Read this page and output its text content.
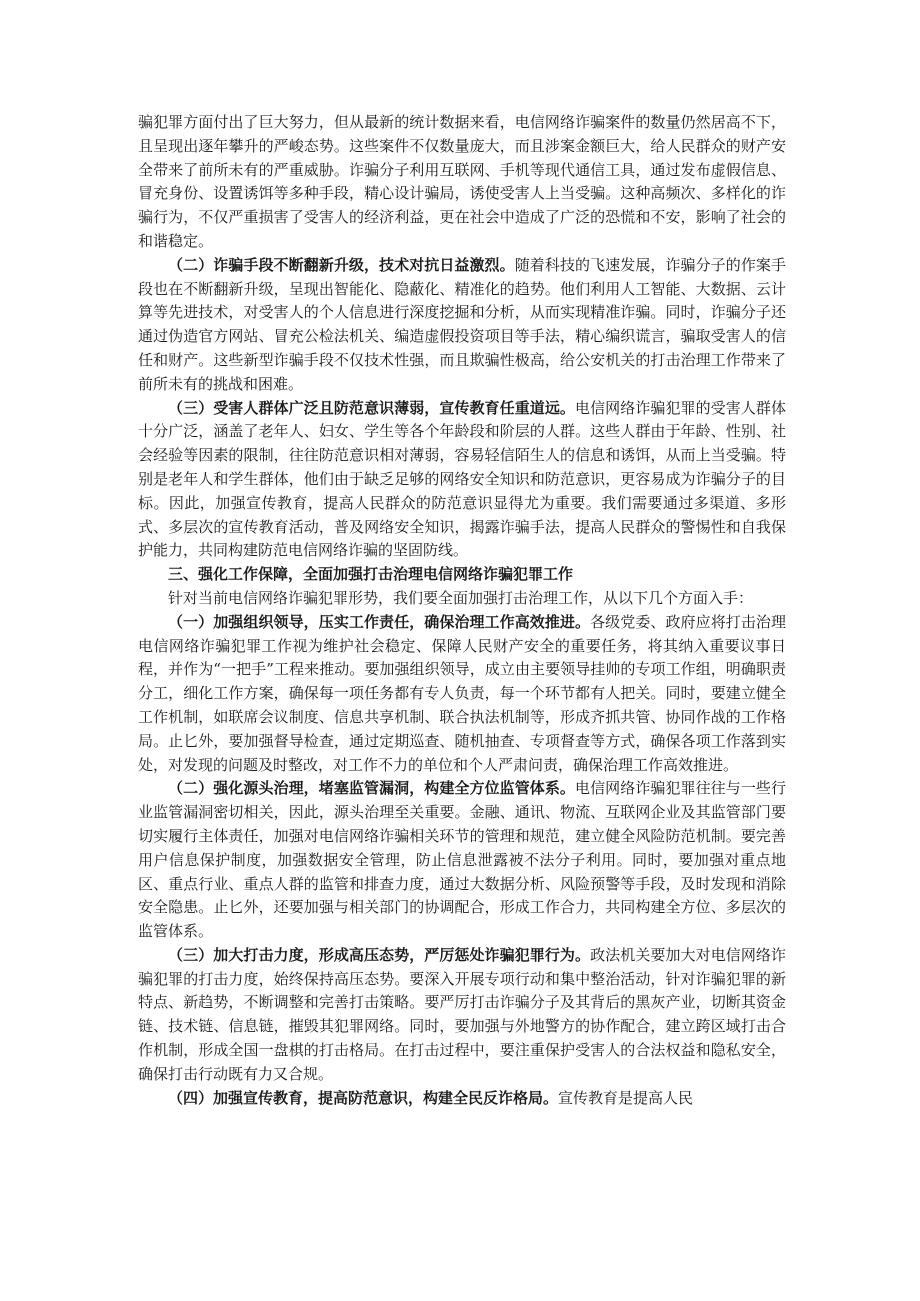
骗犯罪方面付出了巨大努力，但从最新的统计数据来看，电信网络诈骗案件的数量仍然居高不下，且呈现出逐年攀升的严峻态势。这些案件不仅数量庞大，而且涉案金额巨大，给人民群众的财产安全带来了前所未有的严重威胁。诈骗分子利用互联网、手机等现代通信工具，通过发布虚假信息、冒充身份、设置诱饵等多种手段，精心设计骗局，诱使受害人上当受骗。这种高频次、多样化的诈骗行为，不仅严重损害了受害人的经济利益，更在社会中造成了广泛的恐慌和不安，影响了社会的和谐稳定。

（二）诈骗手段不断翻新升级，技术对抗日益激烈。随着科技的飞速发展，诈骗分子的作案手段也在不断翻新升级，呈现出智能化、隐蔽化、精准化的趋势。他们利用人工智能、大数据、云计算等先进技术，对受害人的个人信息进行深度挖掘和分析，从而实现精准诈骗。同时，诈骗分子还通过伪造官方网站、冒充公检法机关、编造虚假投资项目等手法，精心编织谎言，骗取受害人的信任和财产。这些新型诈骗手段不仅技术性强，而且欺骗性极高，给公安机关的打击治理工作带来了前所未有的挑战和困难。

（三）受害人群体广泛且防范意识薄弱，宣传教育任重道远。电信网络诈骗犯罪的受害人群体十分广泛，涵盖了老年人、妇女、学生等各个年龄段和阶层的人群。这些人群由于年龄、性别、社会经验等因素的限制，往往防范意识相对薄弱，容易轻信陌生人的信息和诱饵，从而上当受骗。特别是老年人和学生群体，他们由于缺乏足够的网络安全知识和防范意识，更容易成为诈骗分子的目标。因此，加强宣传教育，提高人民群众的防范意识显得尤为重要。我们需要通过多渠道、多形式、多层次的宣传教育活动，普及网络安全知识，揭露诈骗手法，提高人民群众的警惕性和自我保护能力，共同构建防范电信网络诈骗的坚固防线。

三、强化工作保障，全面加强打击治理电信网络诈骗犯罪工作

针对当前电信网络诈骗犯罪形势，我们要全面加强打击治理工作，从以下几个方面入手：

（一）加强组织领导，压实工作责任，确保治理工作高效推进。各级党委、政府应将打击治理电信网络诈骗犯罪工作视为维护社会稳定、保障人民财产安全的重要任务，将其纳入重要议事日程，并作为“一把手”工程来推动。要加强组织领导，成立由主要领导挂帅的专项工作组，明确职责分工，细化工作方案，确保每一项任务都有专人负责，每一个环节都有人把关。同时，要建立健全工作机制，如联席会议制度、信息共享机制、联合执法机制等，形成齐抓共管、协同作战的工作格局。止匕外，要加强督导检查，通过定期巡查、随机抽查、专项督查等方式，确保各项工作落到实处，对发现的问题及时整改，对工作不力的单位和个人严肃问责，确保治理工作高效推进。

（二）强化源头治理，堵塞监管漏洞，构建全方位监管体系。电信网络诈骗犯罪往往与一些行业监管漏洞密切相关，因此，源头治理至关重要。金融、通讯、物流、互联网企业及其监管部门要切实履行主体责任，加强对电信网络诈骗相关环节的管理和规范，建立健全风险防范机制。要完善用户信息保护制度，加强数据安全管理，防止信息泄露被不法分子利用。同时，要加强对重点地区、重点行业、重点人群的监管和排查力度，通过大数据分析、风险预警等手段，及时发现和消除安全隐患。止匕外，还要加强与相关部门的协调配合，形成工作合力，共同构建全方位、多层次的监管体系。

（三）加大打击力度，形成高压态势，严厉惩处诈骗犯罪行为。政法机关要加大对电信网络诈骗犯罪的打击力度，始终保持高压态势。要深入开展专项行动和集中整治活动，针对诈骗犯罪的新特点、新趋势，不断调整和完善打击策略。要严厉打击诈骗分子及其背后的黑灰产业，切断其资金链、技术链、信息链，摧毁其犯罪网络。同时，要加强与外地警方的协作配合，建立跨区域打击合作机制，形成全国一盘棋的打击格局。在打击过程中，要注重保护受害人的合法权益和隐私安全，确保打击行动既有力又合规。

（四）加强宣传教育，提高防范意识，构建全民反诈格局。宣传教育是提高人民
